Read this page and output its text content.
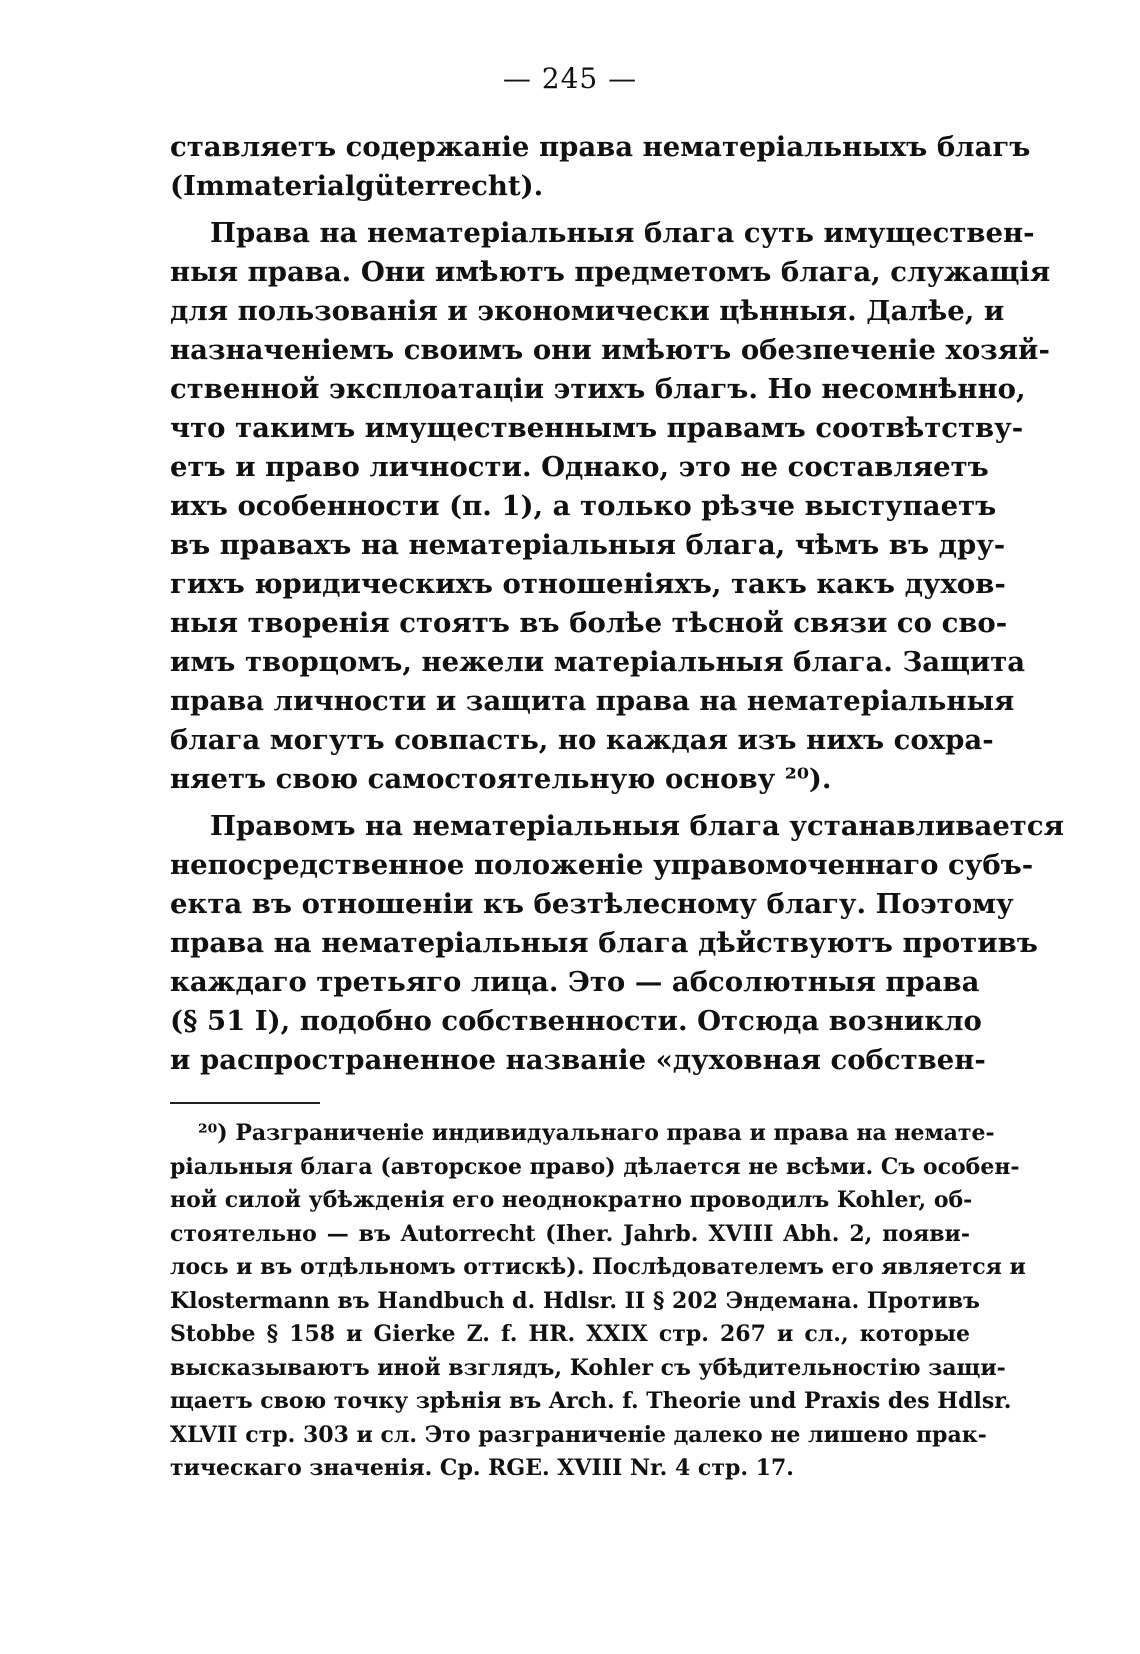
— 245 —
ставляетъ содержаніе права нематеріальныхъ благъ
(Immaterialgüterrecht).
Права на нематеріальныя блага суть имуществен-
ныя права. Они имѣютъ предметомъ блага, служащія
для пользованія и экономически цѣнныя. Далѣе, и
назначеніемъ своимъ они имѣютъ обезпеченіе хозяй-
ственной эксплоатаціи этихъ благъ. Но несомнѣнно,
что такимъ имущественнымъ правамъ соотвѣтству-
етъ и право личности. Однако, это не составляетъ
ихъ особенности (п. 1), а только рѣзче выступаетъ
въ правахъ на нематеріальныя блага, чѣмъ въ дру-
гихъ юридическихъ отношеніяхъ, такъ какъ духов-
ныя творенія стоятъ въ болѣе тѣсной связи со сво-
имъ творцомъ, нежели матеріальныя блага. Защита
права личности и защита права на нематеріальныя
блага могутъ совпасть, но каждая изъ нихъ сохра-
няетъ свою самостоятельную основу ²⁰).
Правомъ на нематеріальныя блага устанавливается
непосредственное положеніе управомоченнаго субъ-
екта въ отношеніи къ безтѣлесному благу. Поэтому
права на нематеріальныя блага дѣйствуютъ противъ
каждаго третьяго лица. Это — абсолютныя права
(§ 51 I), подобно собственности. Отсюда возникло
и распространенное названіе «духовная собствен-
²⁰) Разграниченіе индивидуальнаго права и права на немате-
ріальныя блага (авторское право) дѣлается не всѣми. Съ особен-
ной силой убѣжденія его неоднократно проводилъ Kohler, об-
стоятельно — въ Autorrecht (Iher. Jahrb. XVIII Abh. 2, появи-
лось и въ отдѣльномъ оттискѣ). Послѣдователемъ его является и
Klostermann въ Handbuch d. Hdlsr. II § 202 Эндемана. Противъ
Stobbe § 158 и Gierke Z. f. HR. XXIX стр. 267 и сл., которые
высказываютъ иной взглядъ, Kohler съ убѣдительностію защи-
щаетъ свою точку зрѣнія въ Arch. f. Theorie und Praxis des Hdlsr.
XLVII стр. 303 и сл. Это разграниченіе далеко не лишено прак-
тическаго значенія. Ср. RGE. XVIII Nr. 4 стр. 17.
